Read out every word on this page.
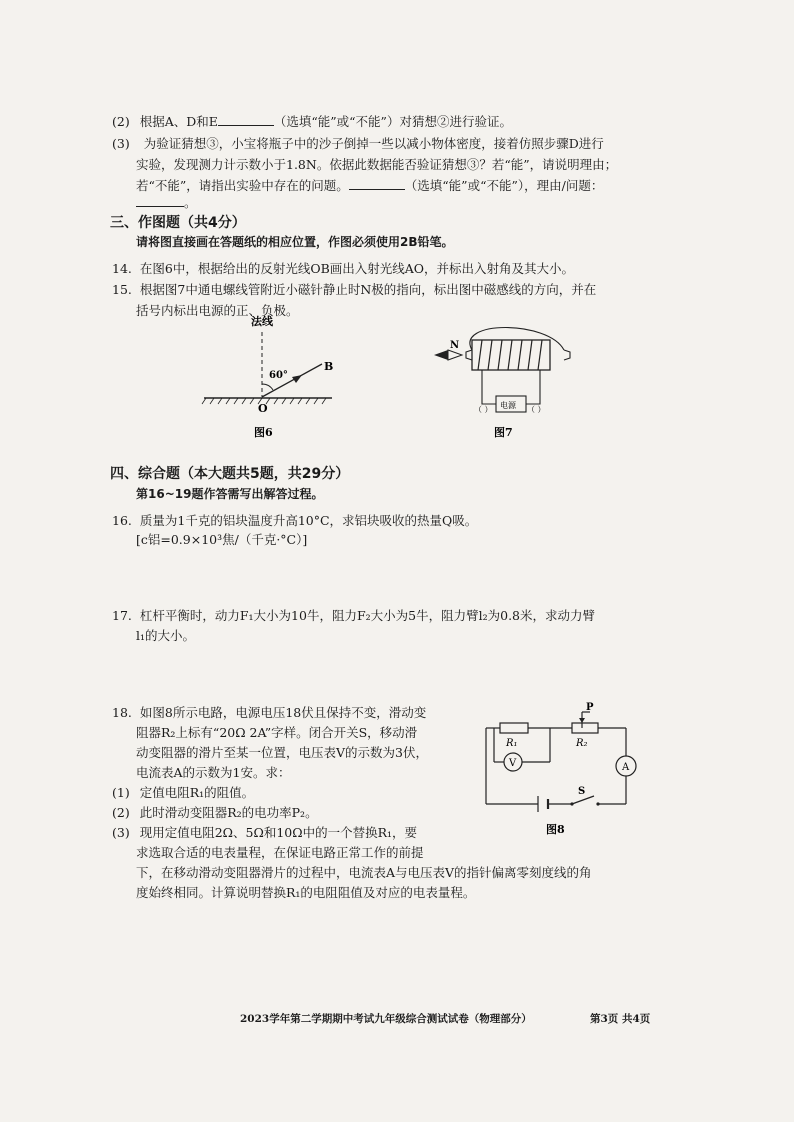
(2) 根据A、D和E	（选填“能”或“不能”）对猜想②进行验证。
(3) 为验证猜想③，小宝将瓶子中的沙子倒掉一些以减小物体密度，接着仿照步骤D进行
实验，发现测力计示数小于1.8N。依据此数据能否验证猜想③？若“能”，请说明理由；
若“不能”，请指出实验中存在的问题。	（选填“能”或“不能”），理由/问题：
。
三、作图题（共4分）
请将图直接画在答题纸的相应位置，作图必须使用2B铅笔。
14. 在图6中，根据给出的反射光线OB画出入射光线AO，并标出入射角及其大小。
15. 根据图7中通电螺线管附近小磁针静止时N极的指向，标出图中磁感线的方向，并在
括号内标出电源的正、负极。
法线
60°
B
O
图6
N
电源
（ ）	（ ）
图7
四、综合题（本大题共5题，共29分）
第16~19题作答需写出解答过程。
16. 质量为1千克的铝块温度升高10°C，求铝块吸收的热量Q吸。
[c铝=0.9×10³焦/（千克·°C）]
17. 杠杆平衡时，动力F₁大小为10牛，阻力F₂大小为5牛，阻力臂l₂为0.8米，求动力臂
l₁的大小。
18. 如图8所示电路，电源电压18伏且保持不变，滑动变
阻器R₂上标有“20Ω 2A”字样。闭合开关S，移动滑
动变阻器的滑片至某一位置，电压表V的示数为3伏，
电流表A的示数为1安。求：
(1) 定值电阻R₁的阻值。
(2) 此时滑动变阻器R₂的电功率P₂。
(3) 现用定值电阻2Ω、5Ω和10Ω中的一个替换R₁，要
求选取合适的电表量程，在保证电路正常工作的前提
下，在移动滑动变阻器滑片的过程中，电流表A与电压表V的指针偏离零刻度线的角
度始终相同。计算说明替换R₁的电阻阻值及对应的电表量程。
P
R₁	R₂
V	A
S
图8
2023学年第二学期期中考试九年级综合测试试卷（物理部分）	第3页 共4页
